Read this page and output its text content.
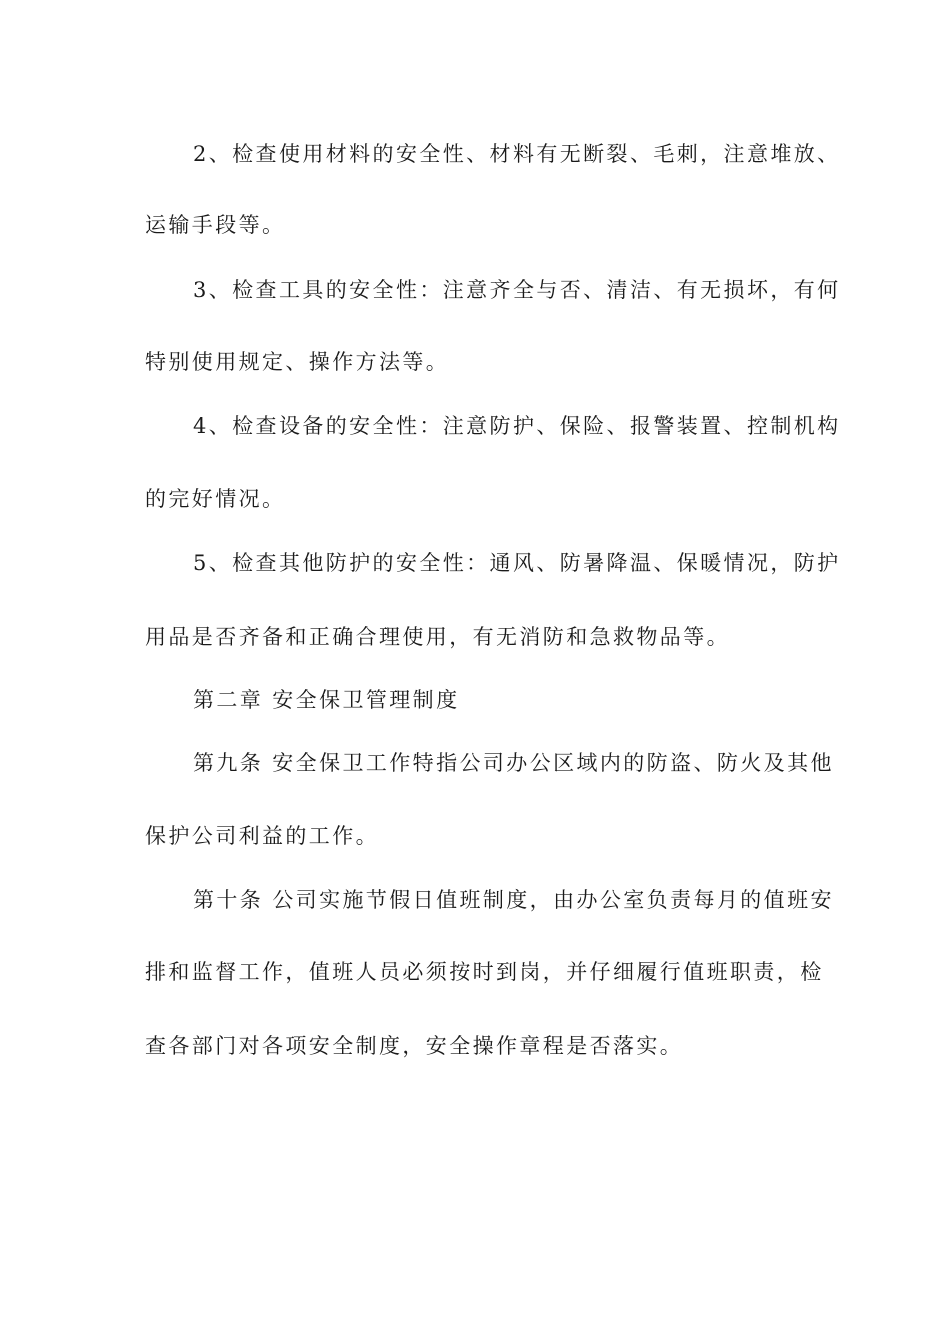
2、检查使用材料的安全性、材料有无断裂、毛刺，注意堆放、
运输手段等。
3、检查工具的安全性：注意齐全与否、清洁、有无损坏，有何
特别使用规定、操作方法等。
4、检查设备的安全性：注意防护、保险、报警装置、控制机构
的完好情况。
5、检查其他防护的安全性：通风、防暑降温、保暖情况，防护
用品是否齐备和正确合理使用，有无消防和急救物品等。
第二章 安全保卫管理制度
第九条 安全保卫工作特指公司办公区域内的防盗、防火及其他
保护公司利益的工作。
第十条 公司实施节假日值班制度，由办公室负责每月的值班安
排和监督工作，值班人员必须按时到岗，并仔细履行值班职责，检
查各部门对各项安全制度，安全操作章程是否落实。
